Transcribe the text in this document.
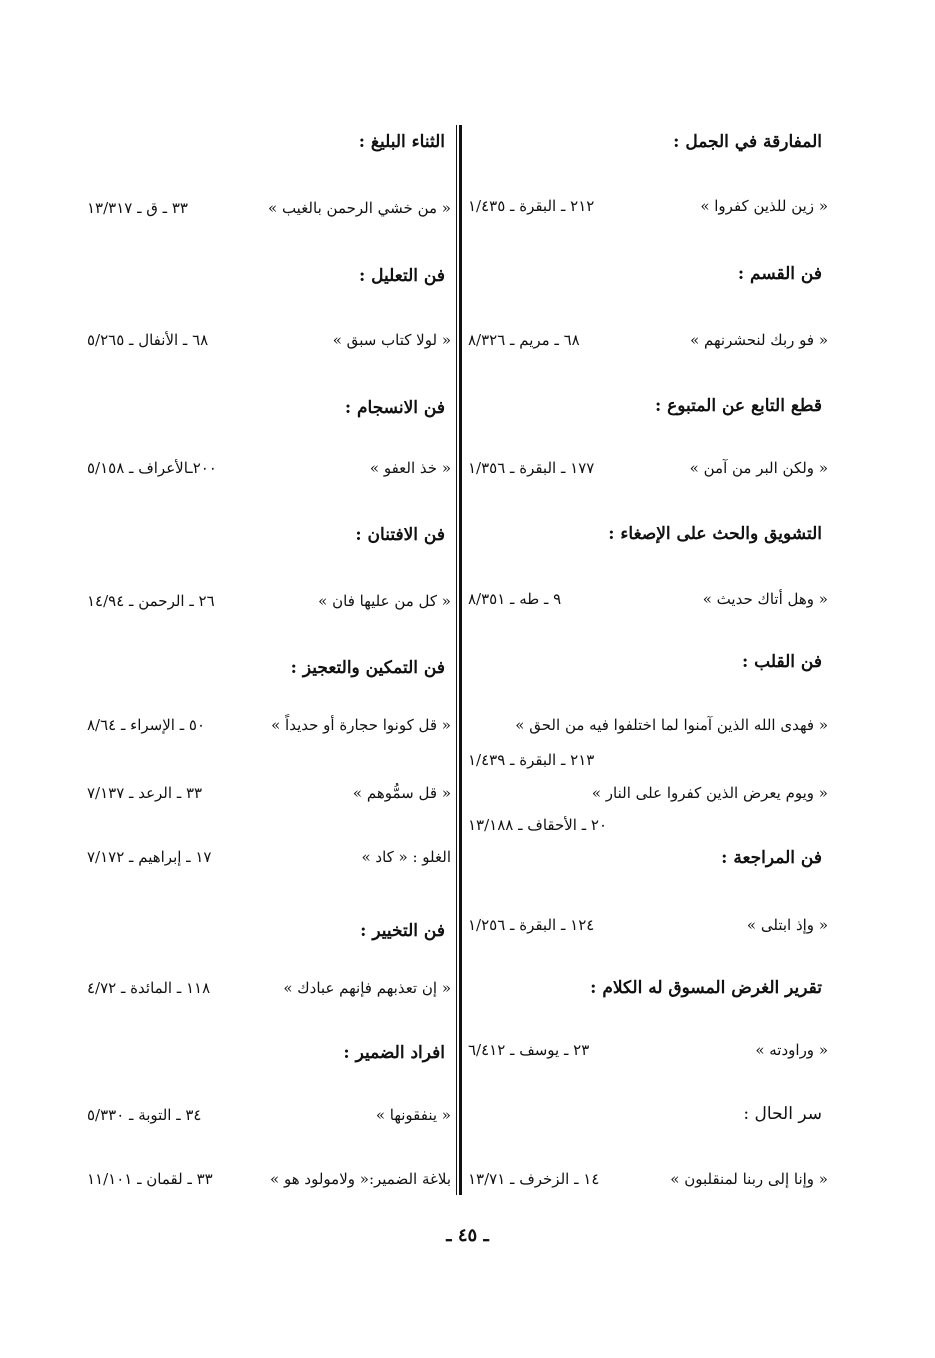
المفارقة في الجمل :
« زين للذين كفروا »
٢١٢ ـ البقرة ـ ١/٤٣٥
فن القسم :
« فو ربك لنحشرنهم »
٦٨ ـ مريم ـ ٨/٣٢٦
قطع التابع عن المتبوع :
« ولكن البر من آمن »
١٧٧ ـ البقرة ـ ١/٣٥٦
التشويق والحث على الإصغاء :
« وهل أتاك حديث »
٩ ـ طه ـ ٨/٣٥١
فن القلب :
« فهدى الله الذين آمنوا لما اختلفوا فيه من الحق »
٢١٣ ـ البقرة ـ ١/٤٣٩
« ويوم يعرض الذين كفروا على النار »
٢٠ ـ الأحقاف ـ ١٣/١٨٨
فن المراجعة :
« وإذ ابتلى »
١٢٤ ـ البقرة ـ ١/٢٥٦
تقرير الغرض المسوق له الكلام :
« وراودته »
٢٣ ـ يوسف ـ ٦/٤١٢
سر الحال :
« وإنا إلى ربنا لمنقلبون »
١٤ ـ الزخرف ـ ١٣/٧١
الثناء البليغ :
« من خشي الرحمن بالغيب »
٣٣ ـ ق ـ ١٣/٣١٧
فن التعليل :
« لولا كتاب سبق »
٦٨ ـ الأنفال ـ ٥/٢٦٥
فن الانسجام :
« خذ العفو »
٢٠٠ـالأعراف ـ ٥/١٥٨
فن الافتنان :
« كل من عليها فان »
٢٦ ـ الرحمن ـ ١٤/٩٤
فن التمكين والتعجيز :
« قل كونوا حجارة أو حديداً »
٥٠ ـ الإسراء ـ ٨/٦٤
« قل سمُّوهم »
٣٣ ـ الرعد ـ ٧/١٣٧
الغلو : « كاد »
١٧ ـ إبراهيم ـ ٧/١٧٢
فن التخيير :
« إن تعذبهم فإنهم عبادك »
١١٨ ـ المائدة ـ ٤/٧٢
افراد الضمير :
« ينفقونها »
٣٤ ـ التوبة ـ ٥/٣٣٠
بلاغة الضمير:« ولامولود هو »
٣٣ ـ لقمان ـ ١١/١٠١
ـ ٤٥ ـ
